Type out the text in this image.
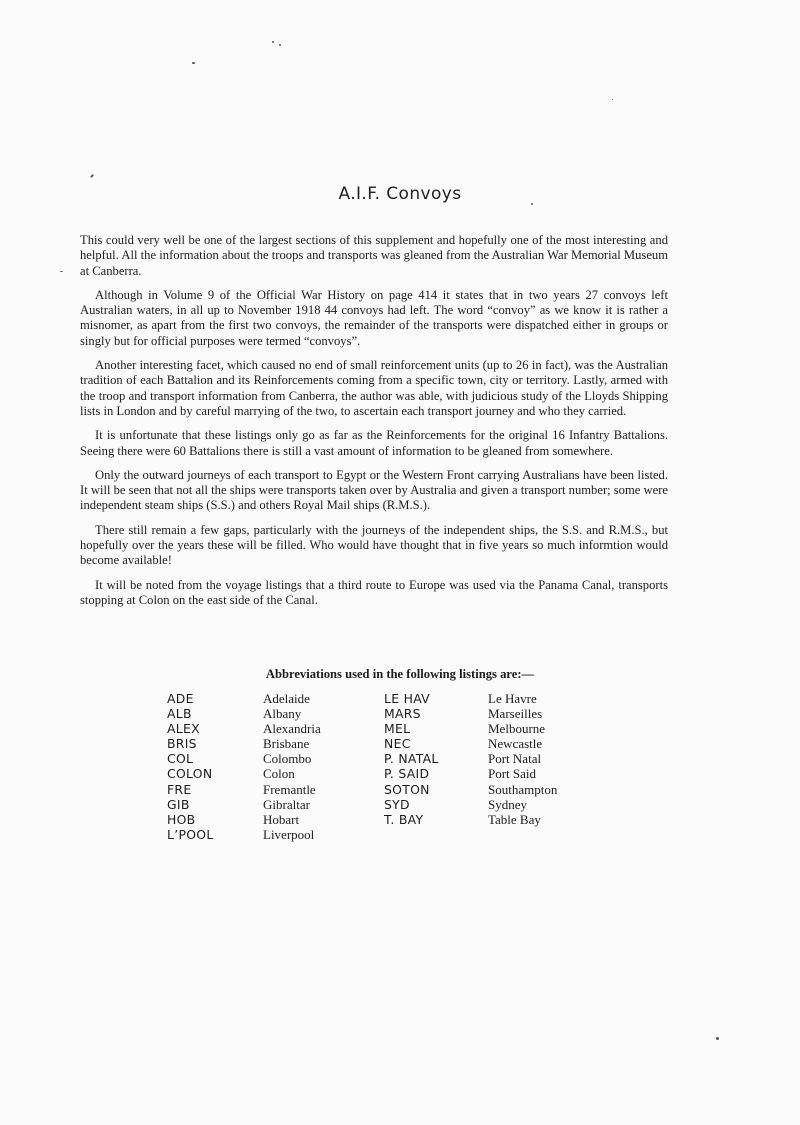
A.I.F. Convoys

This could very well be one of the largest sections of this supplement and hopefully one of the most interesting and helpful. All the information about the troops and transports was gleaned from the Australian War Memorial Museum at Canberra.

Although in Volume 9 of the Official War History on page 414 it states that in two years 27 convoys left Australian waters, in all up to November 1918 44 convoys had left. The word “convoy” as we know it is rather a misnomer, as apart from the first two convoys, the remainder of the transports were dispatched either in groups or singly but for official purposes were termed “convoys”.

Another interesting facet, which caused no end of small reinforcement units (up to 26 in fact), was the Australian tradition of each Battalion and its Reinforcements coming from a specific town, city or territory. Lastly, armed with the troop and transport information from Canberra, the author was able, with judicious study of the Lloyds Shipping lists in London and by careful marrying of the two, to ascertain each transport journey and who they carried.

It is unfortunate that these listings only go as far as the Reinforcements for the original 16 Infantry Battalions. Seeing there were 60 Battalions there is still a vast amount of information to be gleaned from somewhere.

Only the outward journeys of each transport to Egypt or the Western Front carrying Australians have been listed. It will be seen that not all the ships were transports taken over by Australia and given a transport number; some were independent steam ships (S.S.) and others Royal Mail ships (R.M.S.).

There still remain a few gaps, particularly with the journeys of the independent ships, the S.S. and R.M.S., but hopefully over the years these will be filled. Who would have thought that in five years so much informtion would become available!

It will be noted from the voyage listings that a third route to Europe was used via the Panama Canal, transports stopping at Colon on the east side of the Canal.

Abbreviations used in the following listings are:—
ADE
ALB
ALEX
BRIS
COL
COLON
FRE
GIB
HOB
L’POOL
Adelaide
Albany
Alexandria
Brisbane
Colombo
Colon
Fremantle
Gibraltar
Hobart
Liverpool
LE HAV
MARS
MEL
NEC
P. NATAL
P. SAID
SOTON
SYD
T. BAY
Le Havre
Marseilles
Melbourne
Newcastle
Port Natal
Port Said
Southampton
Sydney
Table Bay
